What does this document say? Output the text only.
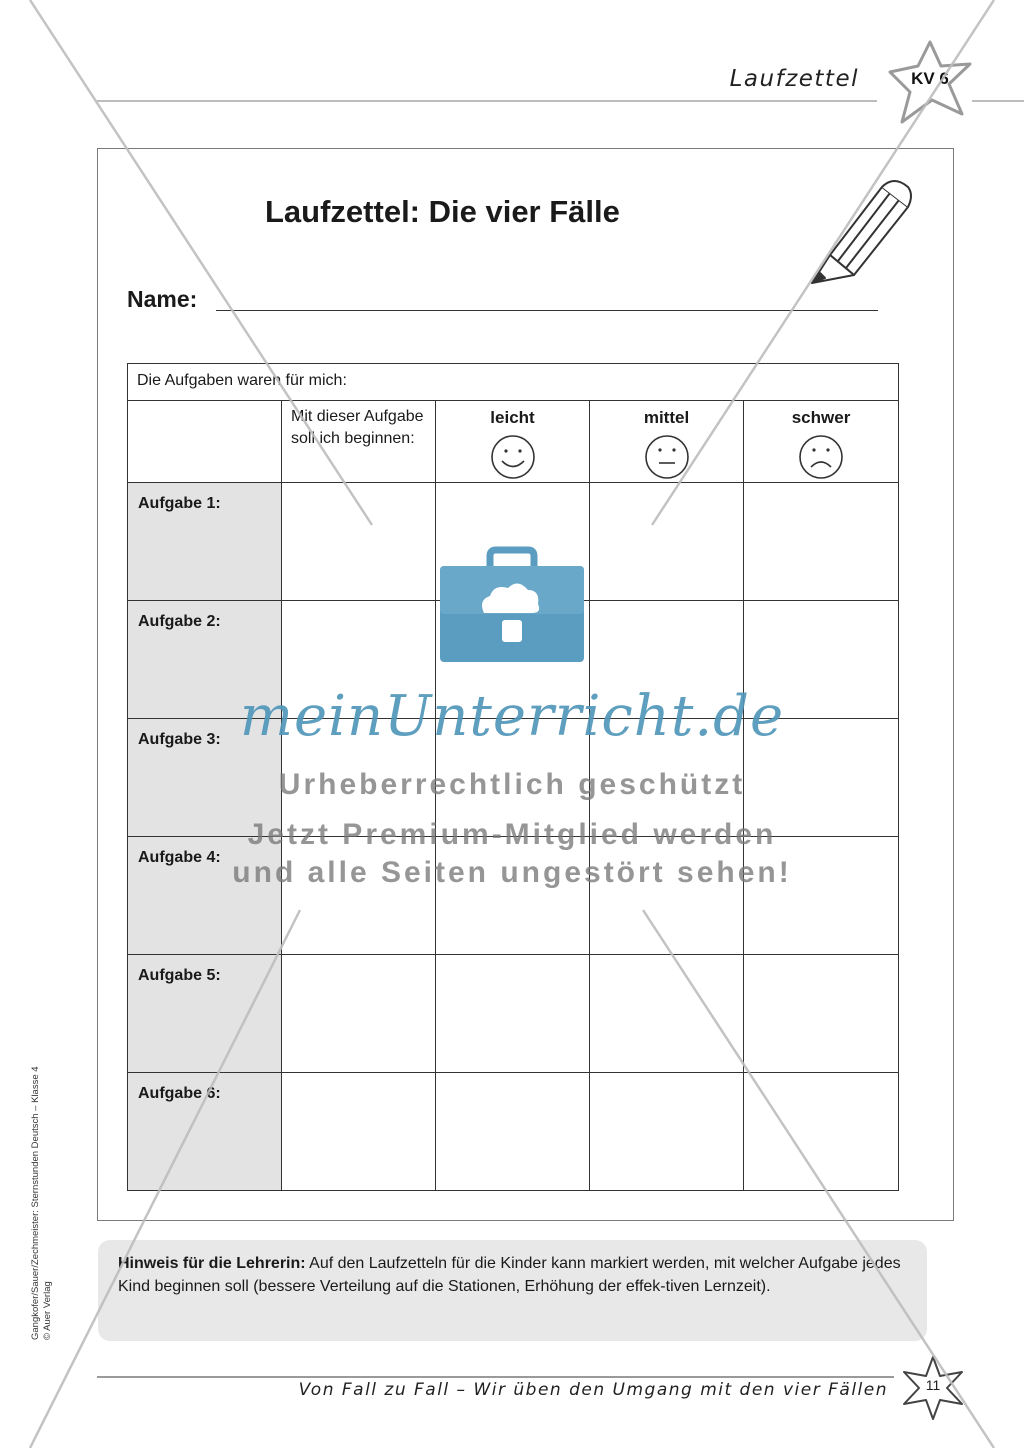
Laufzettel	KV 6
Laufzettel: Die vier Fälle
Name:
Die Aufgaben waren für mich:				
	Mit dieser Aufgabe soll ich beginnen:	leicht	mittel	schwer

Aufgabe 1:				
Aufgabe 2:				
Aufgabe 3:				
Aufgabe 4:				
Aufgabe 5:				
Aufgabe 6:				
Hinweis für die Lehrerin: Auf den Laufzetteln für die Kinder kann markiert werden, mit welcher Aufgabe jedes Kind beginnen soll (bessere Verteilung auf die Stationen, Erhöhung der effek-tiven Lernzeit).
Von Fall zu Fall – Wir üben den Umgang mit den vier Fällen	11
Gangkofer/Sauer/Zechmeister: Sternstunden Deutsch – Klasse 4 © Auer Verlag
meinUnterricht.de
Urheberrechtlich geschützt
Jetzt Premium-Mitglied werden
und alle Seiten ungestört sehen!
